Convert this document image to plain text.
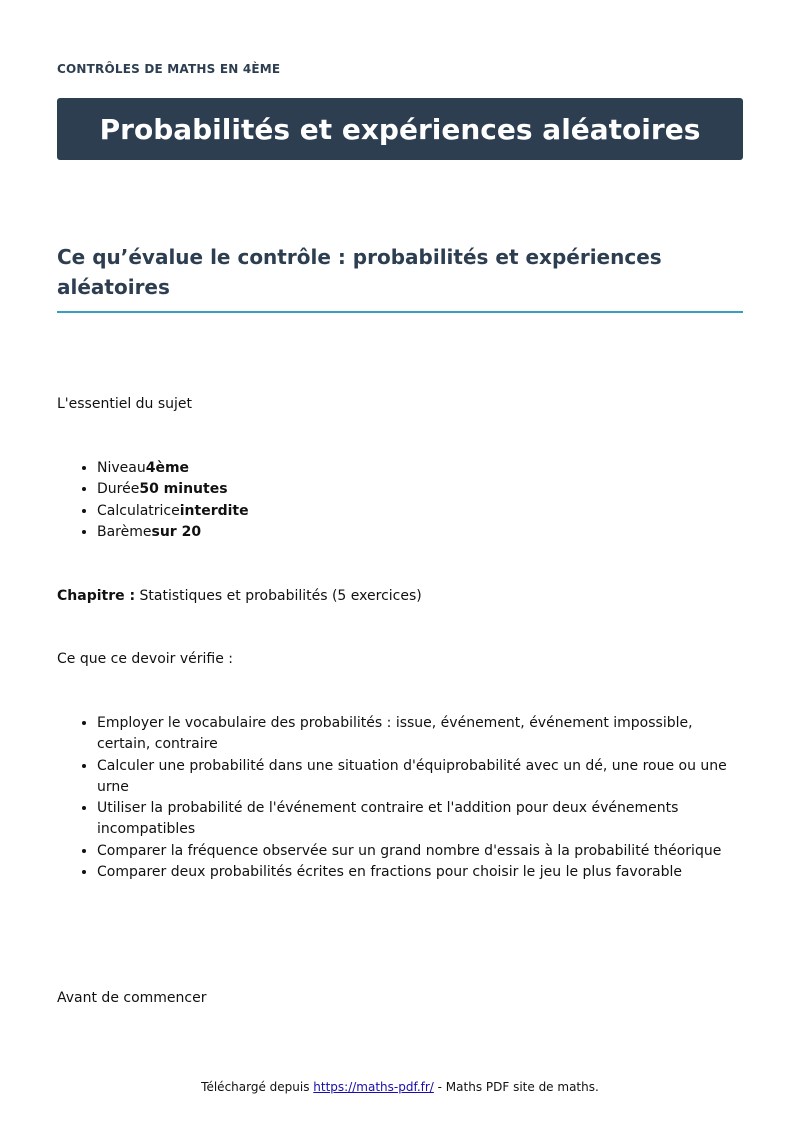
CONTRÔLES DE MATHS EN 4ÈME
Probabilités et expériences aléatoires
Ce qu’évalue le contrôle : probabilités et expériences aléatoires

L'essentiel du sujet

• Niveau4ème
• Durée50 minutes
• Calculatriceinterdite
• Barèmesur 20

Chapitre : Statistiques et probabilités (5 exercices)

Ce que ce devoir vérifie :

• Employer le vocabulaire des probabilités : issue, événement, événement impossible, certain, contraire
• Calculer une probabilité dans une situation d'équiprobabilité avec un dé, une roue ou une urne
• Utiliser la probabilité de l'événement contraire et l'addition pour deux événements incompatibles
• Comparer la fréquence observée sur un grand nombre d'essais à la probabilité théorique
• Comparer deux probabilités écrites en fractions pour choisir le jeu le plus favorable

Avant de commencer

Téléchargé depuis https://maths-pdf.fr/ - Maths PDF site de maths.
